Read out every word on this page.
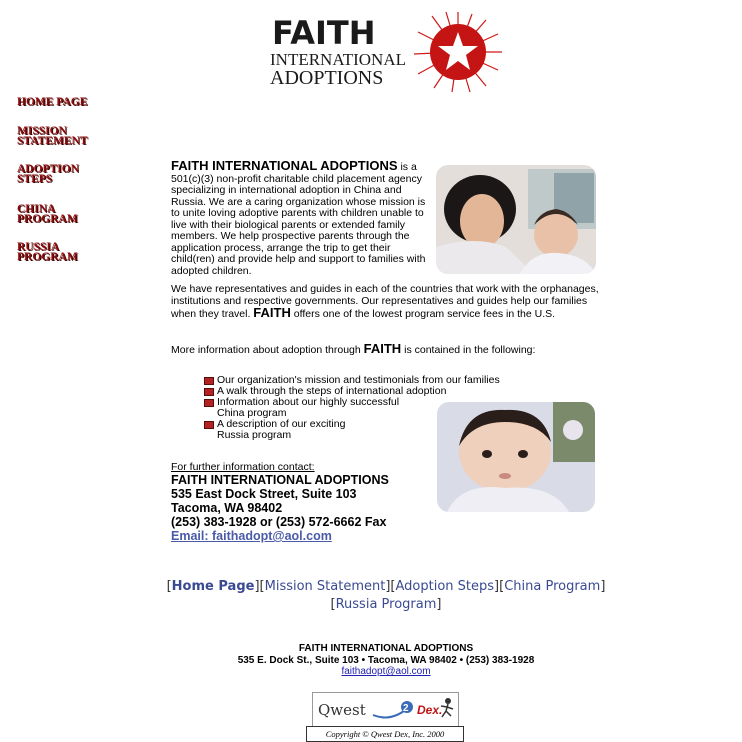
FAITH
INTERNATIONAL
ADOPTIONS
HOME PAGE
MISSION
STATEMENT
ADOPTION
STEPS
CHINA
PROGRAM
RUSSIA
PROGRAM
FAITH INTERNATIONAL ADOPTIONS is a 501(c)(3) non-profit charitable child placement agency specializing in international adoption in China and Russia. We are a caring organization whose mission is to unite loving adoptive parents with children unable to live with their biological parents or extended family members. We help prospective parents through the application process, arrange the trip to get their child(ren) and provide help and support to families with adopted children.
We have representatives and guides in each of the countries that work with the orphanages, institutions and respective governments. Our representatives and guides help our families when they travel. FAITH offers one of the lowest program service fees in the U.S.
More information about adoption through FAITH is contained in the following:
Our organization's mission and testimonials from our families
A walk through the steps of international adoption
Information about our highly successful
China program
A description of our exciting
Russia program
For further information contact:
FAITH INTERNATIONAL ADOPTIONS
535 East Dock Street, Suite 103
Tacoma, WA 98402
(253) 383-1928 or (253) 572-6662 Fax
Email: faithadopt@aol.com
[Home Page][Mission Statement][Adoption Steps][China Program]
[Russia Program]
FAITH INTERNATIONAL ADOPTIONS
535 E. Dock St., Suite 103 • Tacoma, WA 98402 • (253) 383-1928
faithadopt@aol.com
Qwest	2 Dex.
Copyright © Qwest Dex, Inc. 2000
